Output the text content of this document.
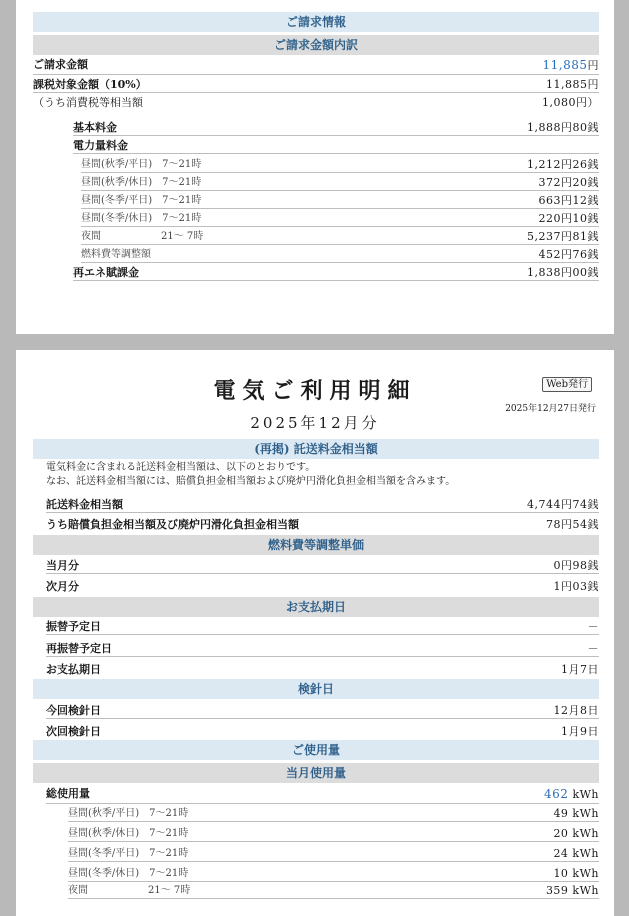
ご請求情報
ご請求金額内訳
ご請求金額	11,885円
課税対象金額（10%）	11,885円
（うち消費税等相当額	1,080円）
基本料金	1,888円80銭
電力量料金
昼間(秋季/平日)　7～21時	1,212円26銭
昼間(秋季/休日)　7～21時	372円20銭
昼間(冬季/平日)　7～21時	663円12銭
昼間(冬季/休日)　7～21時	220円10銭
夜間　　　　　　21～ 7時	5,237円81銭
燃料費等調整額	452円76銭
再エネ賦課金	1,838円00銭
電気ご利用明細	Web発行
2025年12月27日発行
2025年12月分
(再掲) 託送料金相当額
電気料金に含まれる託送料金相当額は、以下のとおりです。
なお、託送料金相当額には、賠償負担金相当額および廃炉円滑化負担金相当額を含みます。
託送料金相当額	4,744円74銭
うち賠償負担金相当額及び廃炉円滑化負担金相当額	78円54銭
燃料費等調整単価
当月分	0円98銭
次月分	1円03銭
お支払期日
振替予定日	－
再振替予定日	－
お支払期日	1月7日
検針日
今回検針日	12月8日
次回検針日	1月9日
ご使用量
当月使用量
総使用量	462 kWh
昼間(秋季/平日)　7～21時	49 kWh
昼間(秋季/休日)　7～21時	20 kWh
昼間(冬季/平日)　7～21時	24 kWh
昼間(冬季/休日)　7～21時	10 kWh
夜間　　　　　　21～ 7時	359 kWh
